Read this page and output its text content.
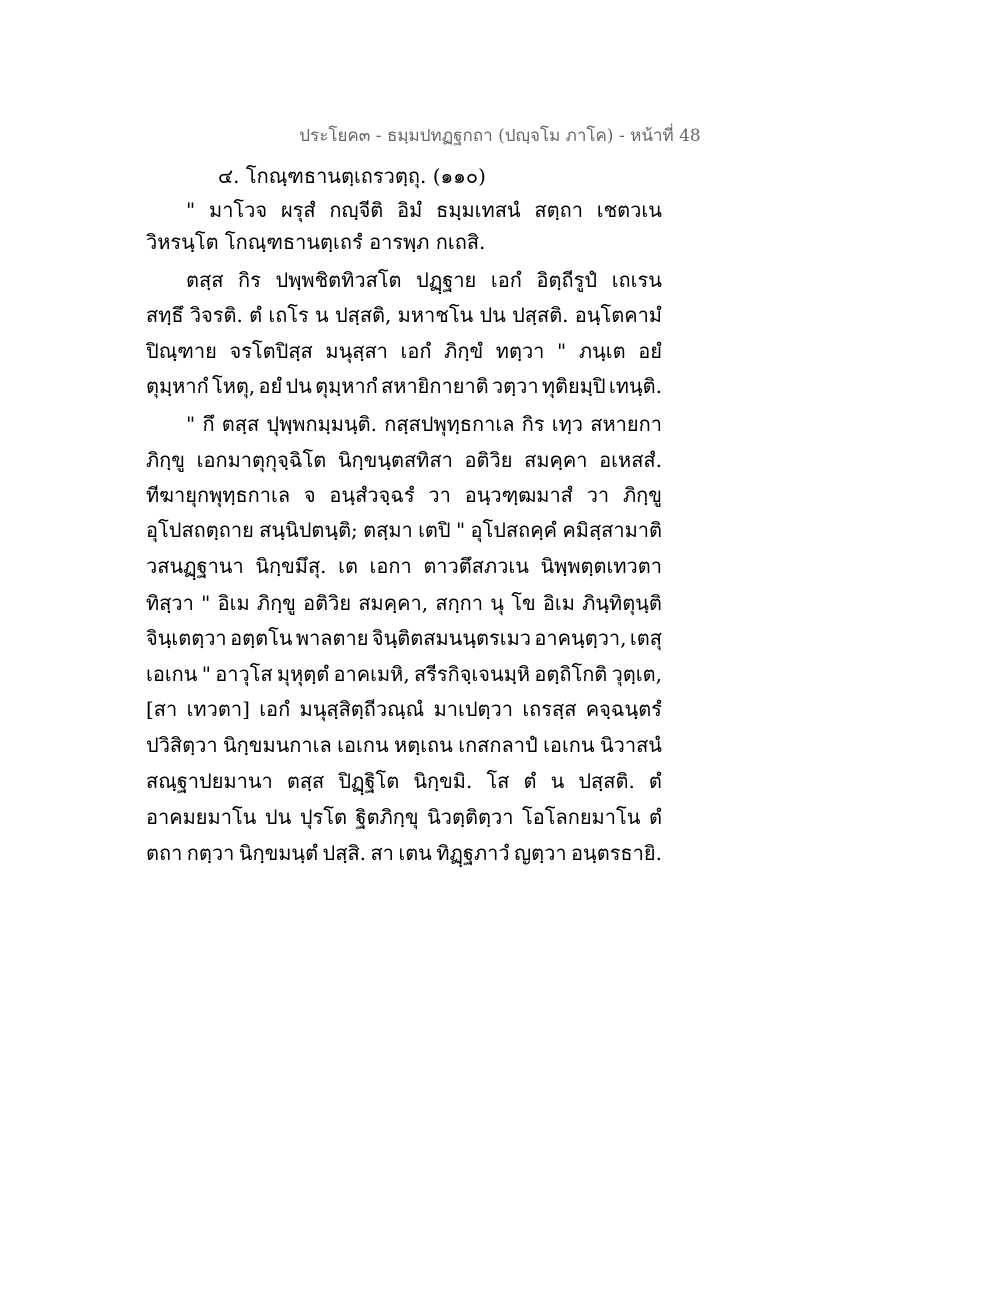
ประโยค๓ - ธมฺมปทฏฐกถา (ปญฺจโม ภาโค) - หน้าที่ 48
๔. โกณฺฑธานตฺเถรวตฺถุ. (๑๑๐)
" มาโวจ ผรุสํ กญฺจีติ อิมํ ธมฺมเทสนํ สตฺถา เชตวเน
วิหรนฺโต โกณฺฑธานตฺเถรํ อารพฺภ กเถสิ.
ตสฺส กิร ปพฺพชิตทิวสโต ปฏฺฐาย เอกํ อิตฺถีรูปํ เถเรน
สทฺธึ วิจรติ. ตํ เถโร น ปสฺสติ, มหาชโน ปน ปสฺสติ. อนฺโตคามํ
ปิณฺฑาย จรโตปิสฺส มนุสฺสา เอกํ ภิกฺขํ ทตฺวา " ภนฺเต อยํ
ตุมฺหากํ โหตุ, อยํ ปน ตุมฺหากํ สหายิกายาติ วตฺวา ทุติยมฺปิ เทนฺติ.
" กึ ตสฺส ปุพฺพกมฺมนฺติ. กสฺสปพุทฺธกาเล กิร เทฺว สหายกา
ภิกฺขู เอกมาตุกุจฺฉิโต นิกฺขนฺตสทิสา อติวิย สมคฺคา อเหสสํ.
ทีฆายุกพุทฺธกาเล จ อนฺสํวจฺฉรํ วา อนฺวฑฺฒมาสํ วา ภิกฺขู
อุโปสถตฺถาย สนฺนิปตนฺติ; ตสฺมา เตปิ " อุโปสถคฺคํ คมิสฺสามาติ
วสนฏฺฐานา นิกฺขมึสุ. เต เอกา ตาวตึสภวเน นิพฺพตฺตเทวตา
ทิสฺวา " อิเม ภิกฺขู อติวิย สมคฺคา, สกฺกา นุ โข อิเม ภินฺทิตุนฺติ
จินฺเตตฺวา อตฺตโน พาลตาย จินฺติตสมนนฺตรเมว อาคนฺตฺวา, เตสุ
เอเกน " อาวุโส มุหุตฺตํ อาคเมหิ, สรีรกิจฺเจนมฺหิ อตฺถิโกติ วุตฺเต,
[สา เทวตา] เอกํ มนุสฺสิตฺถีวณฺณํ มาเปตฺวา เถรสฺส คจฺฉนฺตรํ
ปวิสิตฺวา นิกฺขมนกาเล เอเกน หตฺเถน เกสกลาปํ เอเกน นิวาสนํ
สณฺฐาปยมานา ตสฺส ปิฏฺฐิโต นิกฺขมิ. โส ตํ น ปสฺสติ. ตํ
อาคมยมาโน ปน ปุรโต ฐิตภิกฺขุ นิวตฺติตฺวา โอโลกยมาโน ตํ
ตถา กตฺวา นิกฺขมนฺตํ ปสฺสิ. สา เตน ทิฏฺฐภาวํ ญตฺวา อนฺตรธายิ.
